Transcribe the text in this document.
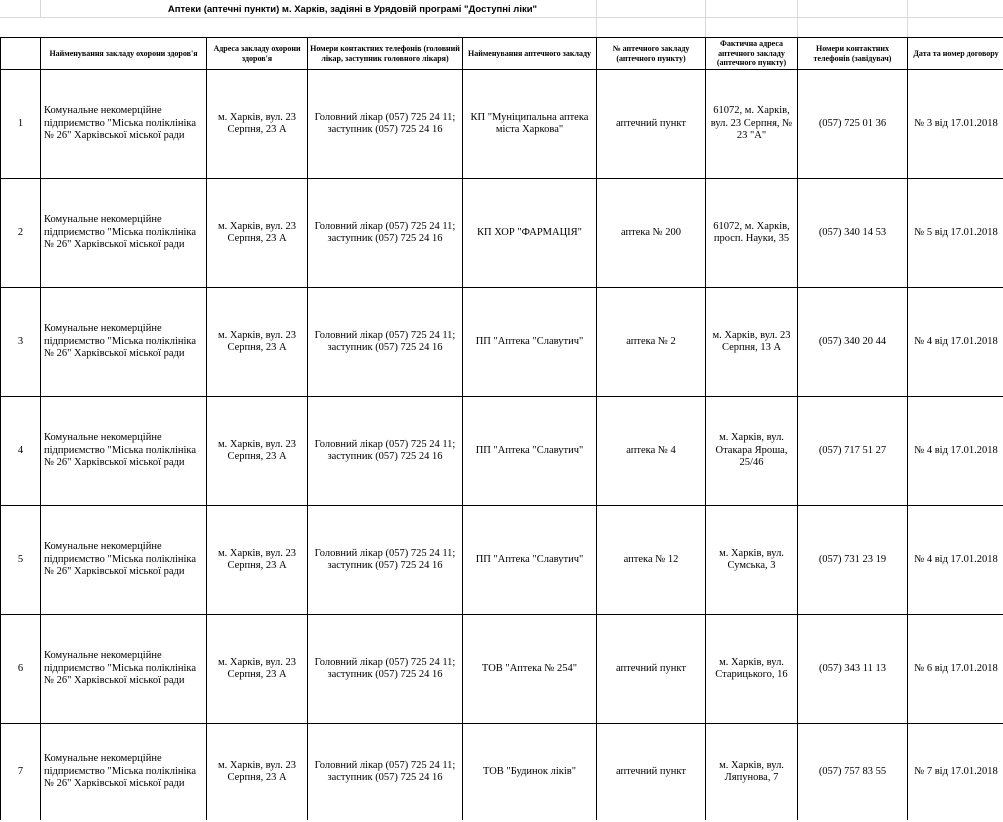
Аптеки (аптечні пункти) м. Харків, задіяні в Урядовій програмі "Доступні ліки"
	Найменування закладу охорони здоров'я	Адреса закладу охорони здоров'я	Номери контактних телефонів (головний лікар, заступник головного лікаря)	Найменування аптечного закладу	№ аптечного закладу (аптечного пункту)	Фактична адреса аптечного закладу (аптечного пункту)	Номери контактних телефонів (завідувач)	Дата та номер договору
1	Комунальне некомерційне підприємство "Міська поліклініка № 26" Харківської міської ради	м. Харків, вул. 23 Серпня, 23 А	Головний лікар (057) 725 24 11;
заступник (057) 725 24 16	КП "Муніципальна аптека міста Харкова"	аптечний пункт	61072, м. Харків, вул. 23 Серпня, № 23 "А"	(057) 725 01 36	№ 3 від 17.01.2018
2	Комунальне некомерційне підприємство "Міська поліклініка № 26" Харківської міської ради	м. Харків, вул. 23 Серпня, 23 А	Головний лікар (057) 725 24 11;
заступник (057) 725 24 16	КП ХОР "ФАРМАЦІЯ"	аптека № 200	61072, м. Харків, просп. Науки, 35	(057) 340 14 53	№ 5 від 17.01.2018
3	Комунальне некомерційне підприємство "Міська поліклініка № 26" Харківської міської ради	м. Харків, вул. 23 Серпня, 23 А	Головний лікар (057) 725 24 11;
заступник (057) 725 24 16	ПП "Аптека "Славутич"	аптека № 2	м. Харків, вул. 23 Серпня, 13 А	(057) 340 20 44	№ 4 від 17.01.2018
4	Комунальне некомерційне підприємство "Міська поліклініка № 26" Харківської міської ради	м. Харків, вул. 23 Серпня, 23 А	Головний лікар (057) 725 24 11;
заступник (057) 725 24 16	ПП "Аптека "Славутич"	аптека № 4	м. Харків, вул. Отакара Яроша, 25/46	(057) 717 51 27	№ 4 від 17.01.2018
5	Комунальне некомерційне підприємство "Міська поліклініка № 26" Харківської міської ради	м. Харків, вул. 23 Серпня, 23 А	Головний лікар (057) 725 24 11;
заступник (057) 725 24 16	ПП "Аптека "Славутич"	аптека № 12	м. Харків, вул. Сумська, 3	(057) 731 23 19	№ 4 від 17.01.2018
6	Комунальне некомерційне підприємство "Міська поліклініка № 26" Харківської міської ради	м. Харків, вул. 23 Серпня, 23 А	Головний лікар (057) 725 24 11;
заступник (057) 725 24 16	ТОВ "Аптека № 254"	аптечний пункт	м. Харків, вул. Старицького, 16	(057) 343 11 13	№ 6 від 17.01.2018
7	Комунальне некомерційне підприємство "Міська поліклініка № 26" Харківської міської ради	м. Харків, вул. 23 Серпня, 23 А	Головний лікар (057) 725 24 11;
заступник (057) 725 24 16	ТОВ "Будинок ліків"	аптечний пункт	м. Харків, вул. Ляпунова, 7	(057) 757 83 55	№ 7 від 17.01.2018
